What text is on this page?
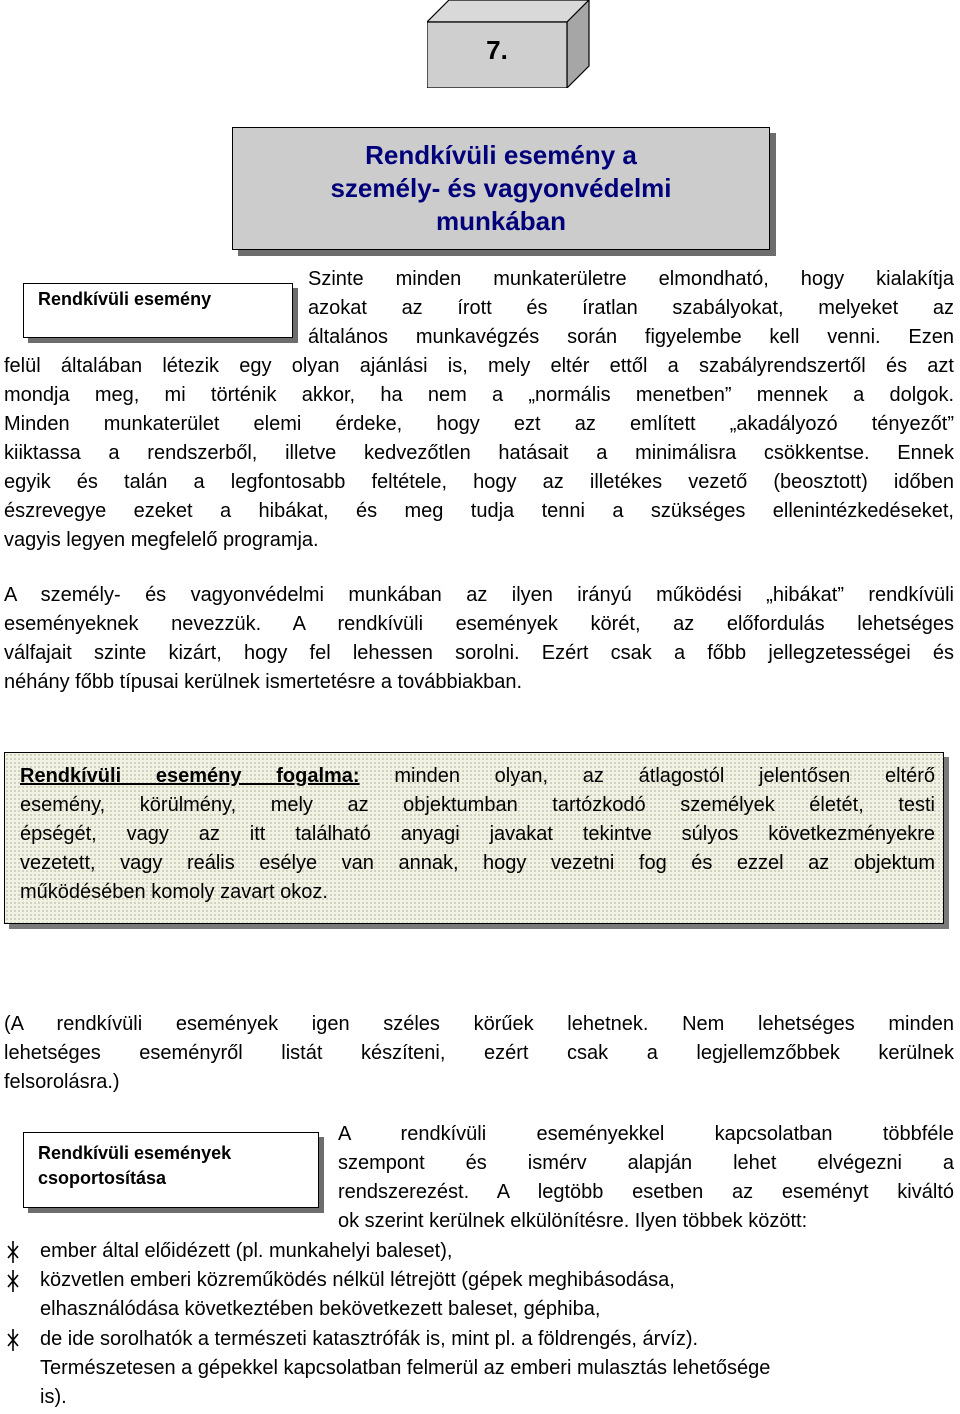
7.
Rendkívüli esemény a
személy- és vagyonvédelmi
munkában
Rendkívüli esemény
Szinte minden munkaterületre elmondható, hogy kialakítja
azokat az írott és íratlan szabályokat, melyeket az
általános munkavégzés során figyelembe kell venni. Ezen
felül általában létezik egy olyan ajánlási is, mely eltér ettől a szabályrendszertől és azt
mondja meg, mi történik akkor, ha nem a „normális menetben” mennek a dolgok.
Minden munkaterület elemi érdeke, hogy ezt az említett „akadályozó tényezőt”
kiiktassa a rendszerből, illetve kedvezőtlen hatásait a minimálisra csökkentse. Ennek
egyik és talán a legfontosabb feltétele, hogy az illetékes vezető (beosztott) időben
észrevegye ezeket a hibákat, és meg tudja tenni a szükséges ellenintézkedéseket,
vagyis legyen megfelelő programja.
A személy- és vagyonvédelmi munkában az ilyen irányú működési „hibákat” rendkívüli
eseményeknek nevezzük. A rendkívüli események körét, az előfordulás lehetséges
válfajait szinte kizárt, hogy fel lehessen sorolni. Ezért csak a főbb jellegzetességei és
néhány főbb típusai kerülnek ismertetésre a továbbiakban.
Rendkívüli esemény fogalma: minden olyan, az átlagostól jelentősen eltérő
esemény, körülmény, mely az objektumban tartózkodó személyek életét, testi
épségét, vagy az itt található anyagi javakat tekintve súlyos következményekre
vezetett, vagy reális esélye van annak, hogy vezetni fog és ezzel az objektum
működésében komoly zavart okoz.
(A rendkívüli események igen széles körűek lehetnek. Nem lehetséges minden
lehetséges eseményről listát készíteni, ezért csak a legjellemzőbbek kerülnek
felsorolásra.)
Rendkívüli események csoportosítása
A rendkívüli eseményekkel kapcsolatban többféle
szempont és ismérv alapján lehet elvégezni a
rendszerezést. A legtöbb esetben az eseményt kiváltó
ok szerint kerülnek elkülönítésre. Ilyen többek között:
ember által előidézett (pl. munkahelyi baleset),
közvetlen emberi közreműködés nélkül létrejött (gépek meghibásodása,
elhasználódása következtében bekövetkezett baleset, géphiba,
de ide sorolhatók a természeti katasztrófák is, mint pl. a földrengés, árvíz).
Természetesen a gépekkel kapcsolatban felmerül az emberi mulasztás lehetősége
is).
